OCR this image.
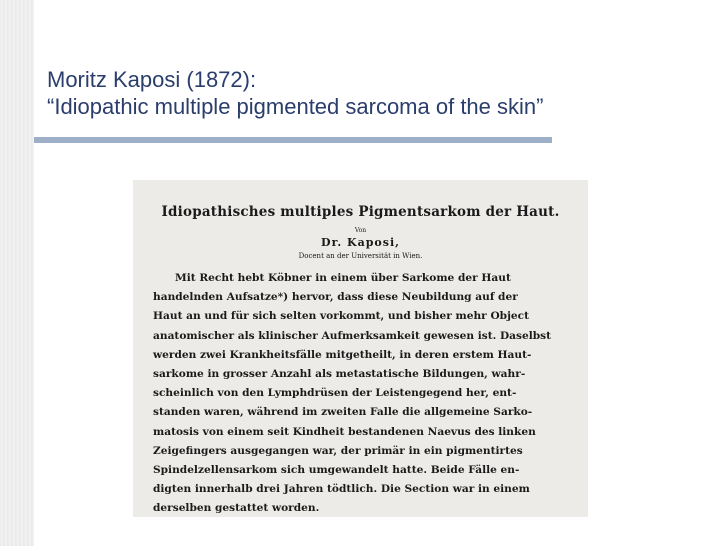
Moritz Kaposi (1872):
“Idiopathic multiple pigmented sarcoma of the skin”
Idiopathisches multiples Pigmentsarkom der Haut.
Von
Dr. Kaposi,
Docent an der Universität in Wien.
Mit Recht hebt Köbner in einem über Sarkome der Haut
handelnden Aufsatze*) hervor, dass diese Neubildung auf der
Haut an und für sich selten vorkommt, und bisher mehr Object
anatomischer als klinischer Aufmerksamkeit gewesen ist. Daselbst
werden zwei Krankheitsfälle mitgetheilt, in deren erstem Haut-
sarkome in grosser Anzahl als metastatische Bildungen, wahr-
scheinlich von den Lymphdrüsen der Leistengegend her, ent-
standen waren, während im zweiten Falle die allgemeine Sarko-
matosis von einem seit Kindheit bestandenen Naevus des linken
Zeigefingers ausgegangen war, der primär in ein pigmentirtes
Spindelzellensarkom sich umgewandelt hatte. Beide Fälle en-
digten innerhalb drei Jahren tödtlich. Die Section war in einem
derselben gestattet worden.
